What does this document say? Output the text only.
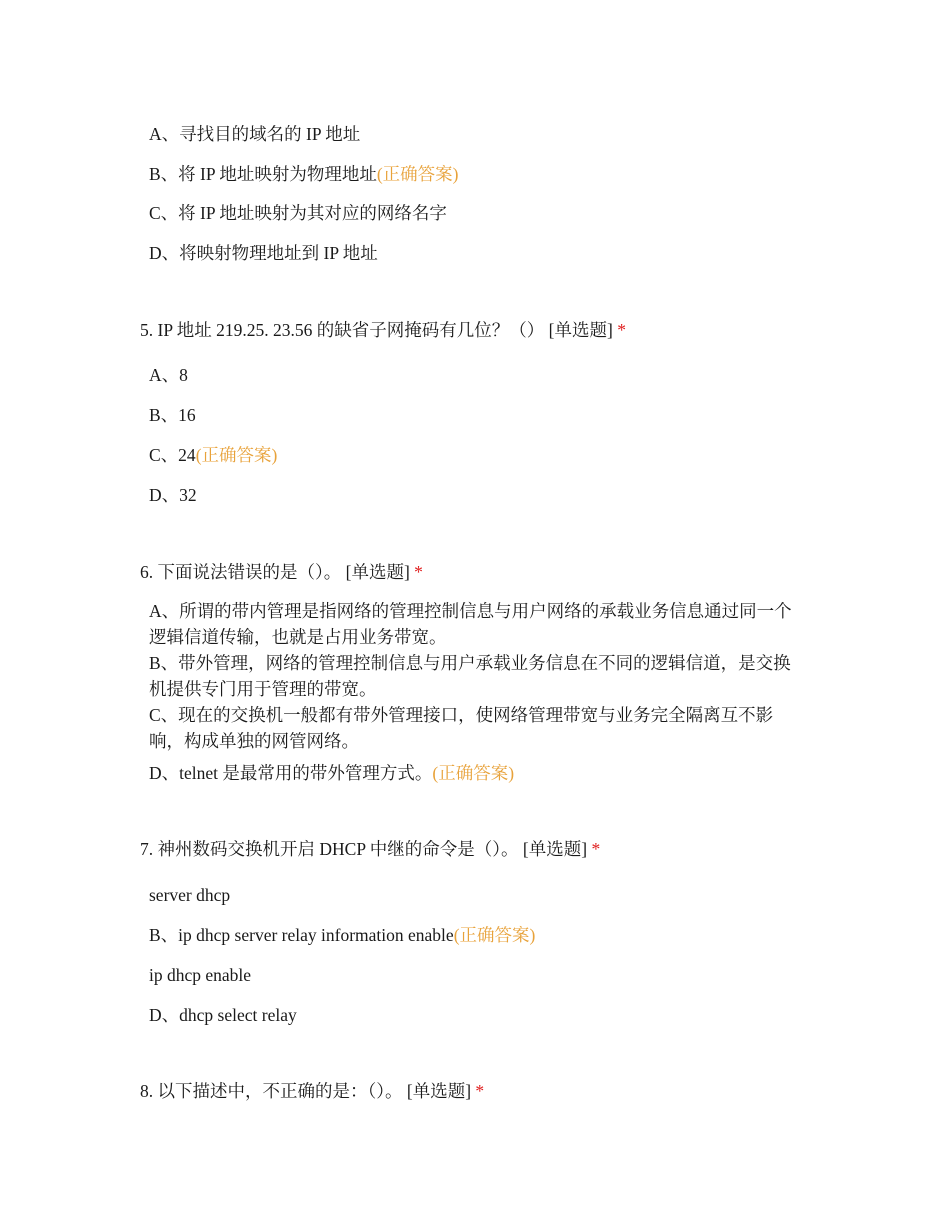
A、寻找目的域名的 IP 地址
B、将 IP 地址映射为物理地址(正确答案)
C、将 IP 地址映射为其对应的网络名字
D、将映射物理地址到 IP 地址
5. IP 地址 219.25. 23.56 的缺省子网掩码有几位？（） [单选题] *
A、8
B、16
C、24(正确答案)
D、32
6. 下面说法错误的是（）。 [单选题] *
A、所谓的带内管理是指网络的管理控制信息与用户网络的承载业务信息通过同一个逻辑信道传输，也就是占用业务带宽。
B、带外管理，网络的管理控制信息与用户承载业务信息在不同的逻辑信道，是交换机提供专门用于管理的带宽。
C、现在的交换机一般都有带外管理接口，使网络管理带宽与业务完全隔离互不影响，构成单独的网管网络。
D、telnet 是最常用的带外管理方式。(正确答案)
7. 神州数码交换机开启 DHCP 中继的命令是（）。 [单选题] *
server dhcp
B、ip dhcp server relay information enable(正确答案)
ip dhcp enable
D、dhcp select relay
8. 以下描述中，不正确的是：（）。 [单选题] *
